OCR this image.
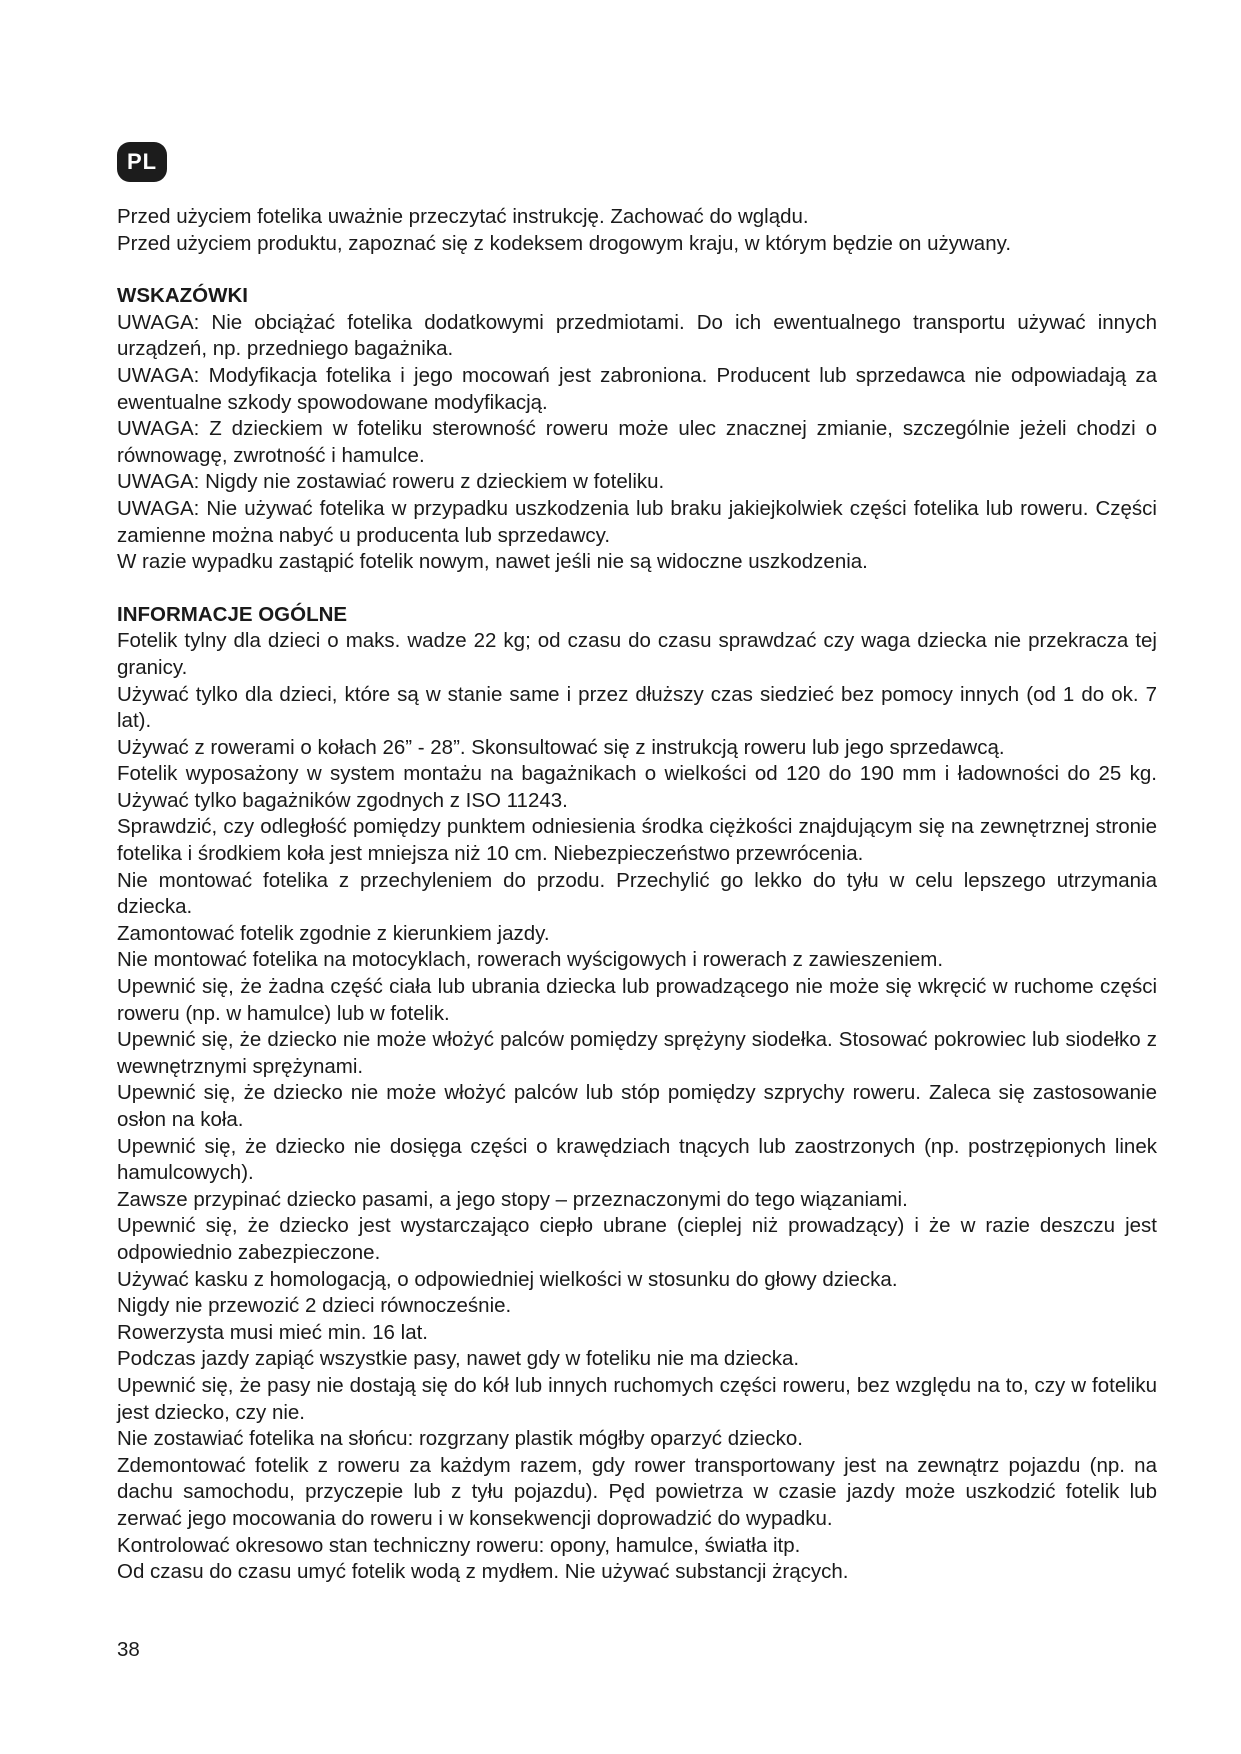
PL

Przed użyciem fotelika uważnie przeczytać instrukcję. Zachować do wglądu.

Przed użyciem produktu, zapoznać się z kodeksem drogowym kraju, w którym będzie on używany.

WSKAZÓWKI

UWAGA: Nie obciążać fotelika dodatkowymi przedmiotami. Do ich ewentualnego transportu używać innych urządzeń, np. przedniego bagażnika.

UWAGA: Modyfikacja fotelika i jego mocowań jest zabroniona. Producent lub sprzedawca nie odpowiadają za ewentualne szkody spowodowane modyfikacją.

UWAGA: Z dzieckiem w foteliku sterowność roweru może ulec znacznej zmianie, szczególnie jeżeli chodzi o równowagę, zwrotność i hamulce.

UWAGA: Nigdy nie zostawiać roweru z dzieckiem w foteliku.

UWAGA: Nie używać fotelika w przypadku uszkodzenia lub braku jakiejkolwiek części fotelika lub roweru. Części zamienne można nabyć u producenta lub sprzedawcy.

W razie wypadku zastąpić fotelik nowym, nawet jeśli nie są widoczne uszkodzenia.

INFORMACJE OGÓLNE

Fotelik tylny dla dzieci o maks. wadze 22 kg; od czasu do czasu sprawdzać czy waga dziecka nie przekracza tej granicy.

Używać tylko dla dzieci, które są w stanie same i przez dłuższy czas siedzieć bez pomocy innych (od 1 do ok. 7 lat).

Używać z rowerami o kołach 26” - 28”. Skonsultować się z instrukcją roweru lub jego sprzedawcą.

Fotelik wyposażony w system montażu na bagażnikach o wielkości od 120 do 190 mm i ładowności do 25 kg. Używać tylko bagażników zgodnych z ISO 11243.

Sprawdzić, czy odległość pomiędzy punktem odniesienia środka ciężkości znajdującym się na zewnętrznej stronie fotelika i środkiem koła jest mniejsza niż 10 cm. Niebezpieczeństwo przewrócenia.

Nie montować fotelika z przechyleniem do przodu. Przechylić go lekko do tyłu w celu lepszego utrzymania dziecka.

Zamontować fotelik zgodnie z kierunkiem jazdy.

Nie montować fotelika na motocyklach, rowerach wyścigowych i rowerach z zawieszeniem.

Upewnić się, że żadna część ciała lub ubrania dziecka lub prowadzącego nie może się wkręcić w ruchome części roweru (np. w hamulce) lub w fotelik.

Upewnić się, że dziecko nie może włożyć palców pomiędzy sprężyny siodełka. Stosować pokrowiec lub siodełko z wewnętrznymi sprężynami.

Upewnić się, że dziecko nie może włożyć palców lub stóp pomiędzy szprychy roweru. Zaleca się zastosowanie osłon na koła.

Upewnić się, że dziecko nie dosięga części o krawędziach tnących lub zaostrzonych (np. postrzępionych linek hamulcowych).

Zawsze przypinać dziecko pasami, a jego stopy – przeznaczonymi do tego wiązaniami.

Upewnić się, że dziecko jest wystarczająco ciepło ubrane (cieplej niż prowadzący) i że w razie deszczu jest odpowiednio zabezpieczone.

Używać kasku z homologacją, o odpowiedniej wielkości w stosunku do głowy dziecka.

Nigdy nie przewozić 2 dzieci równocześnie.

Rowerzysta musi mieć min. 16 lat.

Podczas jazdy zapiąć wszystkie pasy, nawet gdy w foteliku nie ma dziecka.

Upewnić się, że pasy nie dostają się do kół lub innych ruchomych części roweru, bez względu na to, czy w foteliku jest dziecko, czy nie.

Nie zostawiać fotelika na słońcu: rozgrzany plastik mógłby oparzyć dziecko.

Zdemontować fotelik z roweru za każdym razem, gdy rower transportowany jest na zewnątrz pojazdu (np. na dachu samochodu, przyczepie lub z tyłu pojazdu). Pęd powietrza w czasie jazdy może uszkodzić fotelik lub zerwać jego mocowania do roweru i w konsekwencji doprowadzić do wypadku.

Kontrolować okresowo stan techniczny roweru: opony, hamulce, światła itp.

Od czasu do czasu umyć fotelik wodą z mydłem. Nie używać substancji żrących.

38
